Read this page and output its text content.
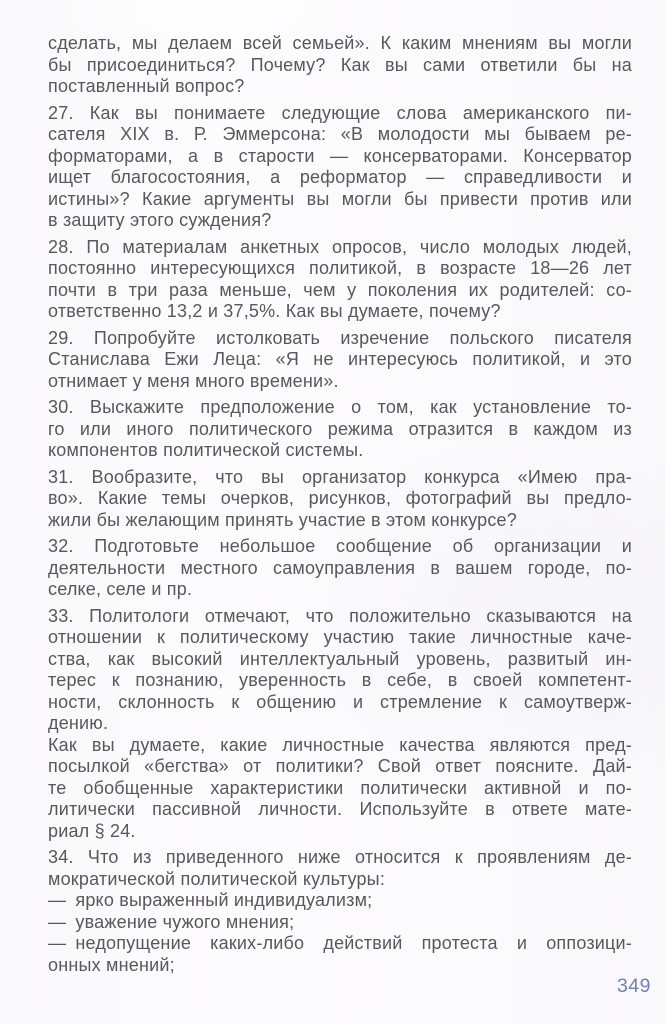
сделать, мы делаем всей семьей». К каким мнениям вы могли
бы присоединиться? Почему? Как вы сами ответили бы на
поставленный вопрос?
27. Как вы понимаете следующие слова американского пи-
сателя XIX в. Р. Эммерсона: «В молодости мы бываем ре-
форматорами, а в старости — консерваторами. Консерватор
ищет благосостояния, а реформатор — справедливости и
истины»? Какие аргументы вы могли бы привести против или
в защиту этого суждения?
28. По материалам анкетных опросов, число молодых людей,
постоянно интересующихся политикой, в возрасте 18—26 лет
почти в три раза меньше, чем у поколения их родителей: со-
ответственно 13,2 и 37,5%. Как вы думаете, почему?
29. Попробуйте истолковать изречение польского писателя
Станислава Ежи Леца: «Я не интересуюсь политикой, и это
отнимает у меня много времени».
30. Выскажите предположение о том, как установление то-
го или иного политического режима отразится в каждом из
компонентов политической системы.
31. Вообразите, что вы организатор конкурса «Имею пра-
во». Какие темы очерков, рисунков, фотографий вы предло-
жили бы желающим принять участие в этом конкурсе?
32. Подготовьте небольшое сообщение об организации и
деятельности местного самоуправления в вашем городе, по-
селке, селе и пр.
33. Политологи отмечают, что положительно сказываются на
отношении к политическому участию такие личностные каче-
ства, как высокий интеллектуальный уровень, развитый ин-
терес к познанию, уверенность в себе, в своей компетент-
ности, склонность к общению и стремление к самоутверж-
дению.
Как вы думаете, какие личностные качества являются пред-
посылкой «бегства» от политики? Свой ответ поясните. Дай-
те обобщенные характеристики политически активной и по-
литически пассивной личности. Используйте в ответе мате-
риал § 24.
34. Что из приведенного ниже относится к проявлениям де-
мократической политической культуры:
— ярко выраженный индивидуализм;
— уважение чужого мнения;
— недопущение каких-либо действий протеста и оппозици-
онных мнений;
349
